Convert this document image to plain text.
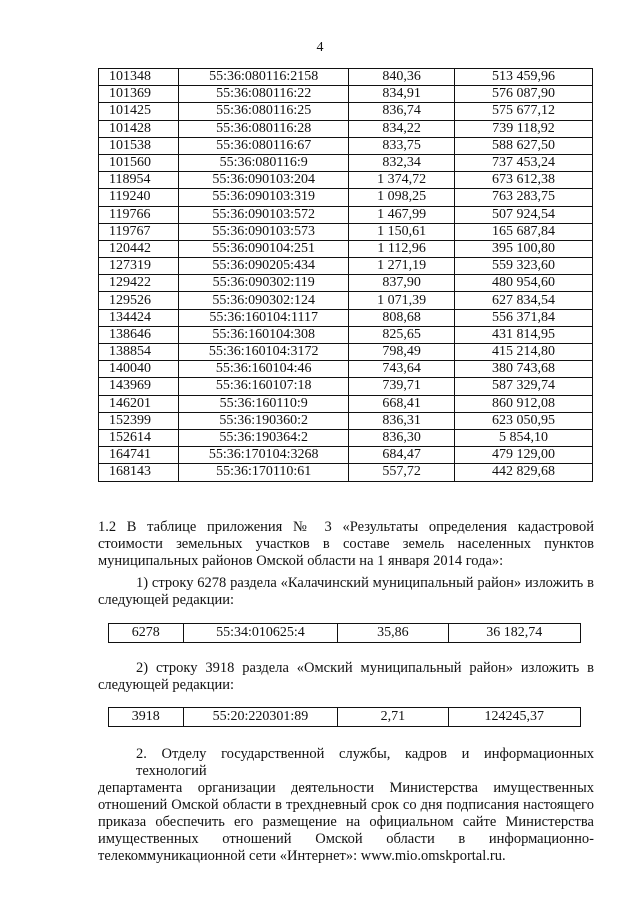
4
101348	55:36:080116:2158	840,36	513 459,96
101369	55:36:080116:22	834,91	576 087,90
101425	55:36:080116:25	836,74	575 677,12
101428	55:36:080116:28	834,22	739 118,92
101538	55:36:080116:67	833,75	588 627,50
101560	55:36:080116:9	832,34	737 453,24
118954	55:36:090103:204	1 374,72	673 612,38
119240	55:36:090103:319	1 098,25	763 283,75
119766	55:36:090103:572	1 467,99	507 924,54
119767	55:36:090103:573	1 150,61	165 687,84
120442	55:36:090104:251	1 112,96	395 100,80
127319	55:36:090205:434	1 271,19	559 323,60
129422	55:36:090302:119	837,90	480 954,60
129526	55:36:090302:124	1 071,39	627 834,54
134424	55:36:160104:1117	808,68	556 371,84
138646	55:36:160104:308	825,65	431 814,95
138854	55:36:160104:3172	798,49	415 214,80
140040	55:36:160104:46	743,64	380 743,68
143969	55:36:160107:18	739,71	587 329,74
146201	55:36:160110:9	668,41	860 912,08
152399	55:36:190360:2	836,31	623 050,95
152614	55:36:190364:2	836,30	5 854,10
164741	55:36:170104:3268	684,47	479 129,00
168143	55:36:170110:61	557,72	442 829,68
1.2 В таблице приложения № 3 «Результаты определения кадастровой
стоимости земельных участков в составе земель населенных пунктов
муниципальных районов Омской области на 1 января 2014 года»:
1) строку 6278 раздела «Калачинский муниципальный район» изложить в
следующей редакции:
6278	55:34:010625:4	35,86	36 182,74
2) строку 3918 раздела «Омский муниципальный район» изложить в
следующей редакции:
3918	55:20:220301:89	2,71	124245,37
2. Отделу государственной службы, кадров и информационных технологий
департамента организации деятельности Министерства имущественных
отношений Омской области в трехдневный срок со дня подписания настоящего
приказа обеспечить его размещение на официальном сайте Министерства
имущественных отношений Омской области в информационно-
телекоммуникационной сети «Интернет»: www.mio.omskportal.ru.
